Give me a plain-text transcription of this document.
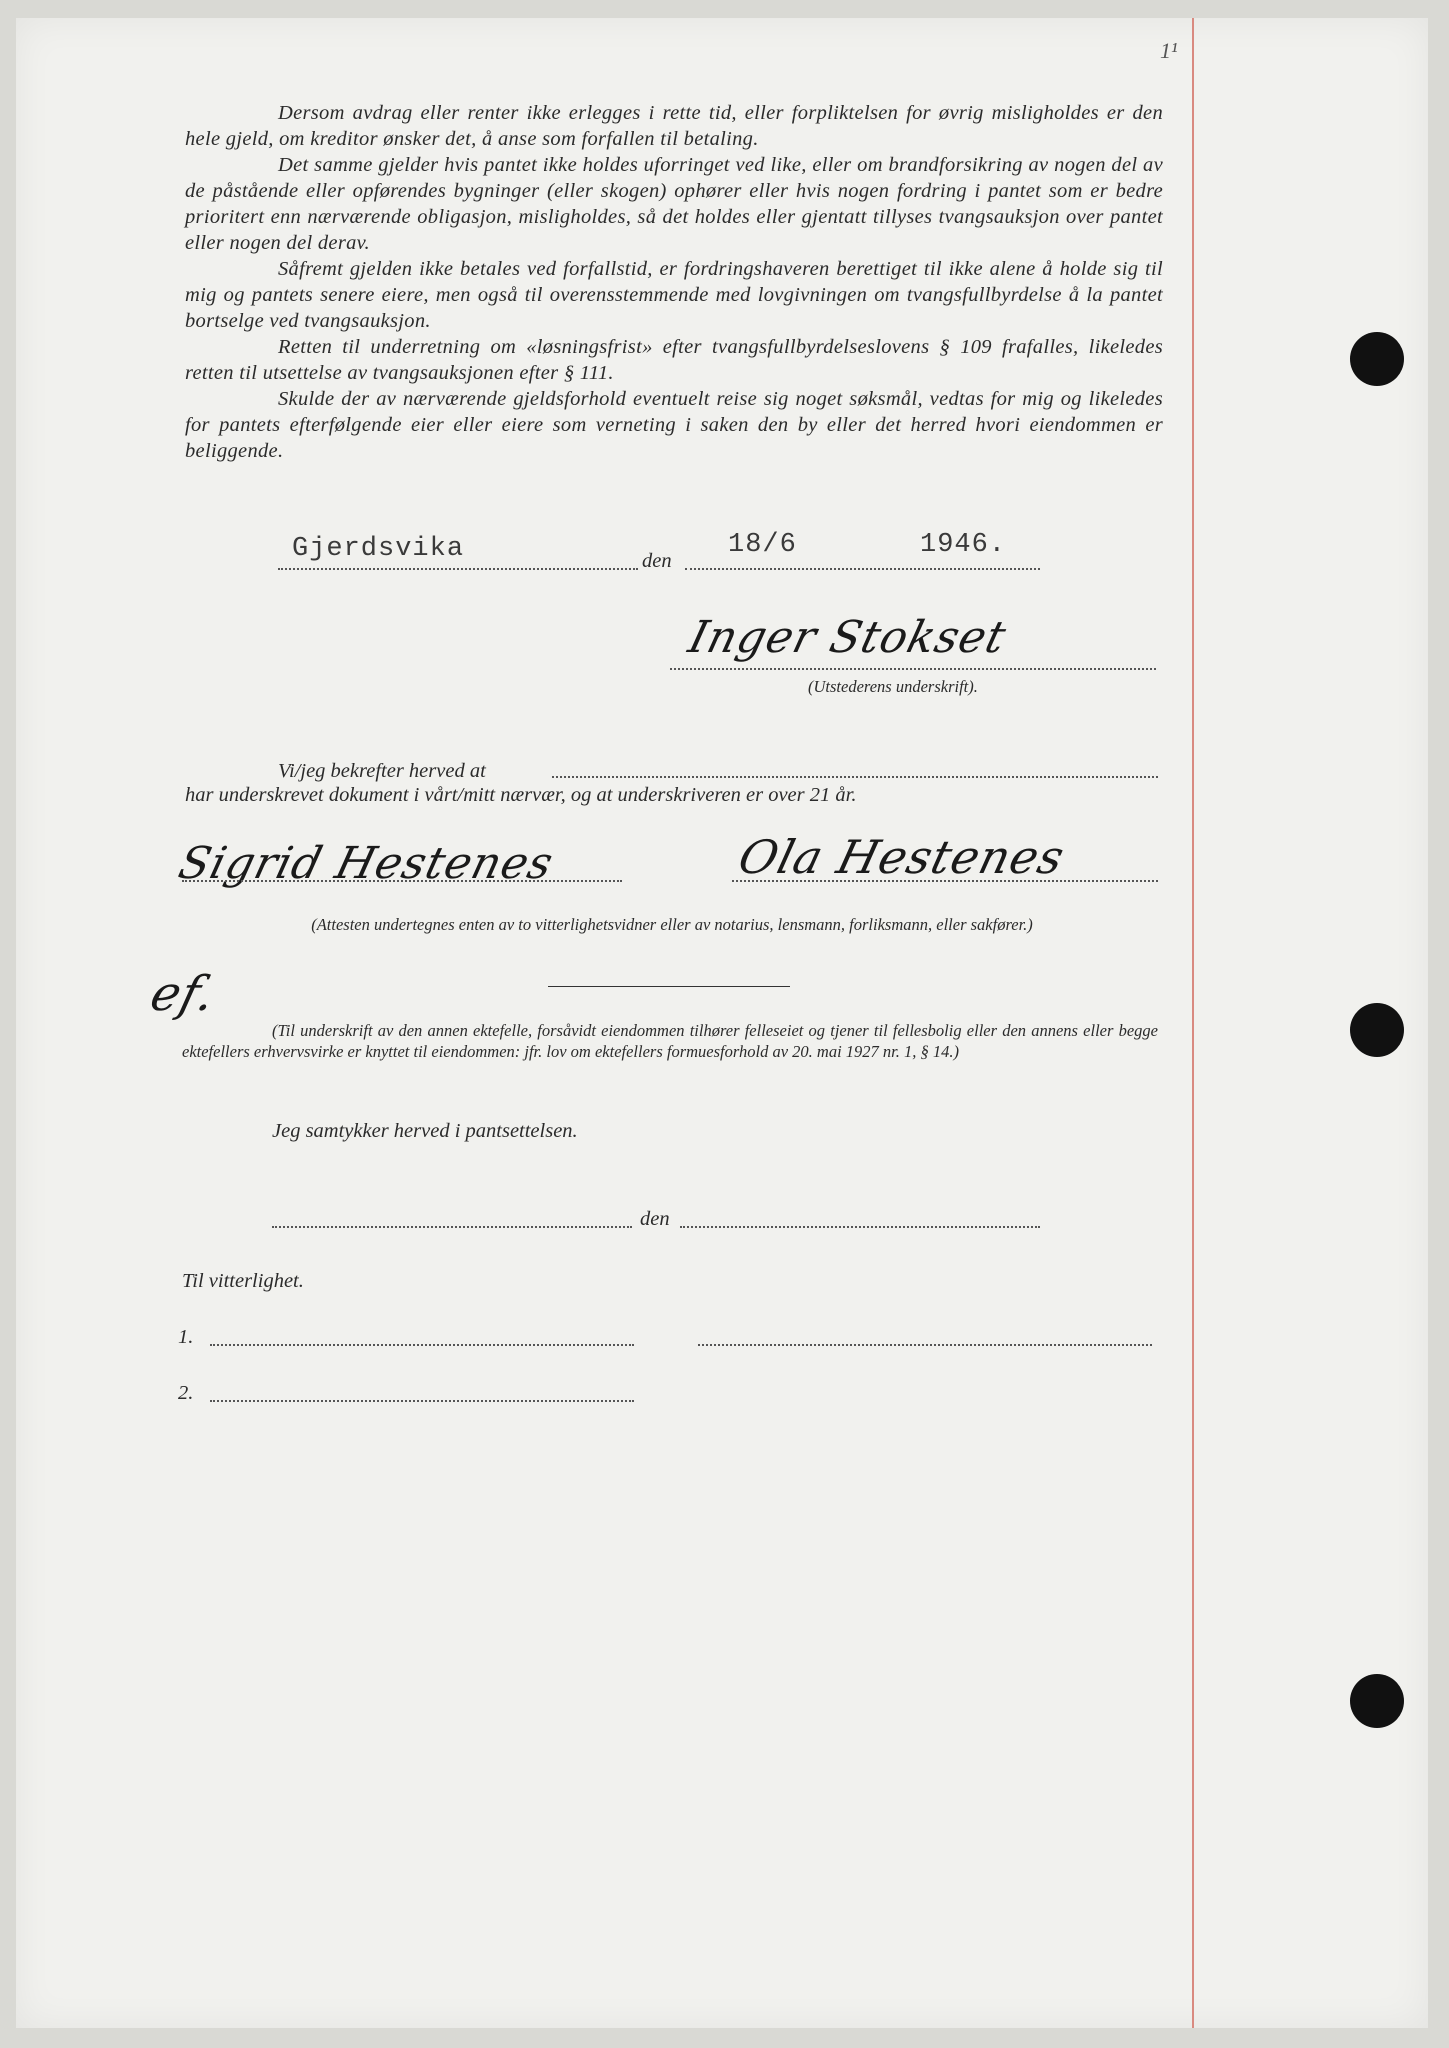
1¹

Dersom avdrag eller renter ikke erlegges i rette tid, eller forpliktelsen for øvrig misligholdes er den hele gjeld, om kreditor ønsker det, å anse som forfallen til betaling.

Det samme gjelder hvis pantet ikke holdes uforringet ved like, eller om brandforsikring av nogen del av de påstående eller opførendes bygninger (eller skogen) ophører eller hvis nogen fordring i pantet som er bedre prioritert enn nærværende obligasjon, misligholdes, så det holdes eller gjentatt tillyses tvangsauksjon over pantet eller nogen del derav.

Såfremt gjelden ikke betales ved forfallstid, er fordringshaveren berettiget til ikke alene å holde sig til mig og pantets senere eiere, men også til overensstemmende med lovgivningen om tvangsfullbyrdelse å la pantet bortselge ved tvangsauksjon.

Retten til underretning om «løsningsfrist» efter tvangsfullbyrdelseslovens § 109 frafalles, likeledes retten til utsettelse av tvangsauksjonen efter § 111.

Skulde der av nærværende gjeldsforhold eventuelt reise sig noget søksmål, vedtas for mig og likeledes for pantets efterfølgende eier eller eiere som verneting i saken den by eller det herred hvori eiendommen er beliggende.

Gjerdsvika	den
18/6	1946.
Inger Stokset
(Utstederens underskrift).
Vi/jeg bekrefter herved at
har underskrevet dokument i vårt/mitt nærvær, og at underskriveren er over 21 år.
Sigrid Hestenes	Ola Hestenes
(Attesten undertegnes enten av to vitterlighetsvidner eller av notarius, lensmann, forliksmann, eller sakfører.)
ef.
(Til underskrift av den annen ektefelle, forsåvidt eiendommen tilhører felleseiet og tjener til fellesbolig eller den annens eller begge ektefellers erhvervsvirke er knyttet til eiendommen: jfr. lov om ektefellers formuesforhold av 20. mai 1927 nr. 1, § 14.)
Jeg samtykker herved i pantsettelsen.
den
Til vitterlighet.
1.
2.
